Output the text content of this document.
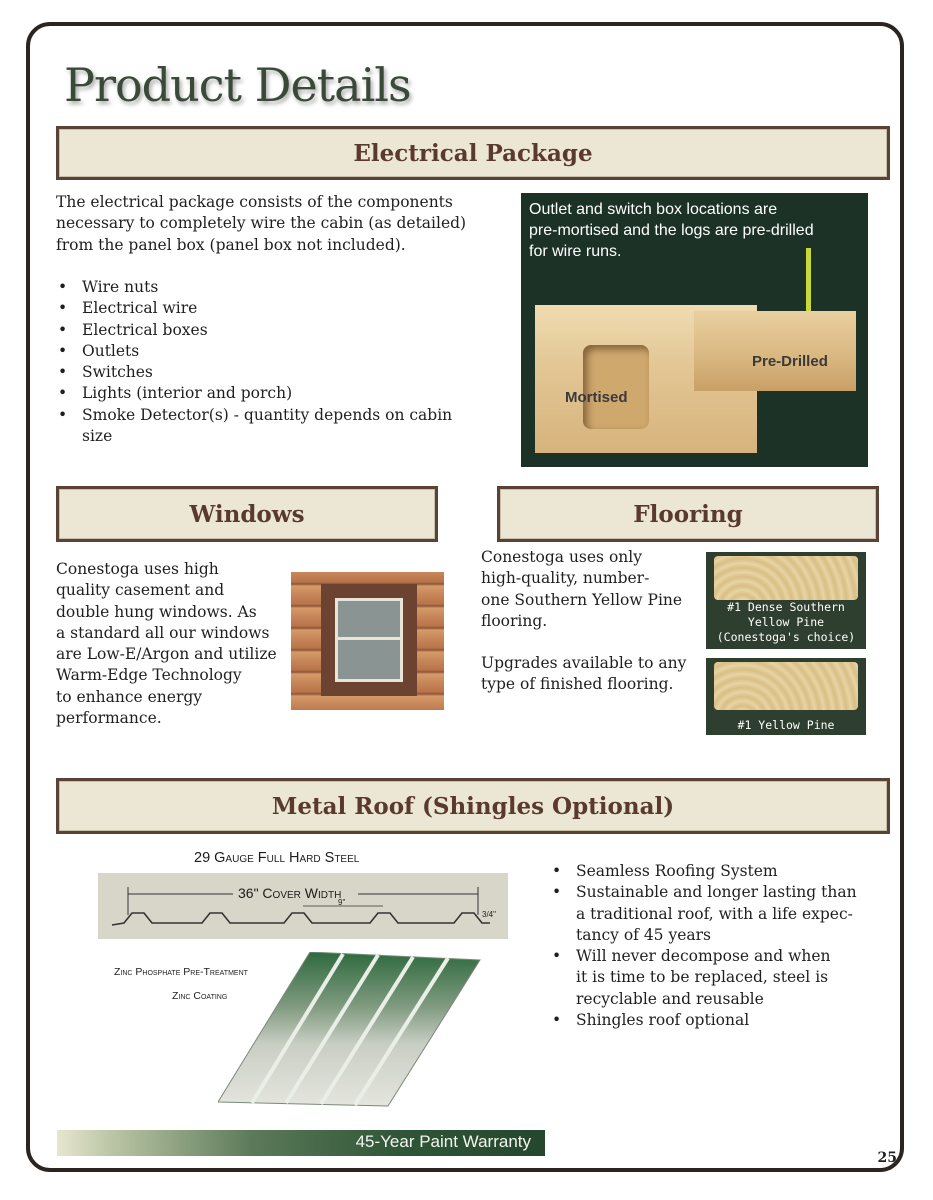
Product Details
Electrical Package
The electrical package consists of the components
necessary to completely wire the cabin (as detailed)
from the panel box (panel box not included).
• Wire nuts
• Electrical wire
• Electrical boxes
• Outlets
• Switches
• Lights (interior and porch)
• Smoke Detector(s) - quantity depends on cabin size
Outlet and switch box locations are
pre-mortised and the logs are pre-drilled
for wire runs.
Pre-Drilled
Mortised
Windows
Conestoga uses high
quality casement and
double hung windows. As
a standard all our windows
are Low-E/Argon and utilize
Warm-Edge Technology
to enhance energy
performance.
Flooring
Conestoga uses only
high-quality, number-
one Southern Yellow Pine
flooring.
Upgrades available to any
type of finished flooring.
#1 Dense Southern
Yellow Pine
(Conestoga's choice)
#1 Yellow Pine
Metal Roof (Shingles Optional)
29 Gauge Full Hard Steel
36" Cover Width
9"
3/4"
Zinc Phosphate Pre-Treatment
Zinc Coating
• Seamless Roofing System
• Sustainable and longer lasting than
a traditional roof, with a life expec-
tancy of 45 years
• Will never decompose and when
it is time to be replaced, steel is
recyclable and reusable
• Shingles roof optional
45-Year Paint Warranty
25
